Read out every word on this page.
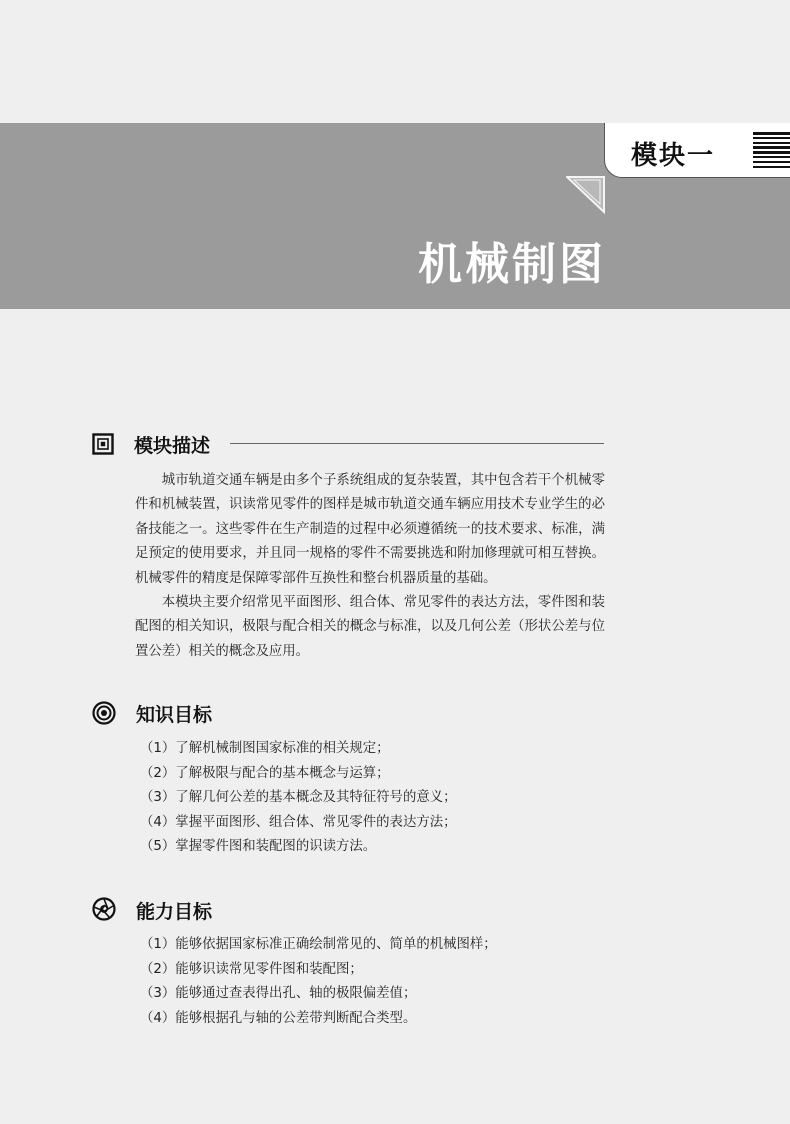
模块一
机械制图
模块描述

城市轨道交通车辆是由多个子系统组成的复杂装置，其中包含若干个机械零件和机械装置，识读常见零件的图样是城市轨道交通车辆应用技术专业学生的必备技能之一。这些零件在生产制造的过程中必须遵循统一的技术要求、标准，满足预定的使用要求，并且同一规格的零件不需要挑选和附加修理就可相互替换。机械零件的精度是保障零部件互换性和整台机器质量的基础。

本模块主要介绍常见平面图形、组合体、常见零件的表达方法，零件图和装配图的相关知识，极限与配合相关的概念与标准，以及几何公差（形状公差与位置公差）相关的概念及应用。

知识目标
（1）了解机械制图国家标准的相关规定；
（2）了解极限与配合的基本概念与运算；
（3）了解几何公差的基本概念及其特征符号的意义；
（4）掌握平面图形、组合体、常见零件的表达方法；
（5）掌握零件图和装配图的识读方法。
能力目标
（1）能够依据国家标准正确绘制常见的、简单的机械图样；
（2）能够识读常见零件图和装配图；
（3）能够通过查表得出孔、轴的极限偏差值；
（4）能够根据孔与轴的公差带判断配合类型。
